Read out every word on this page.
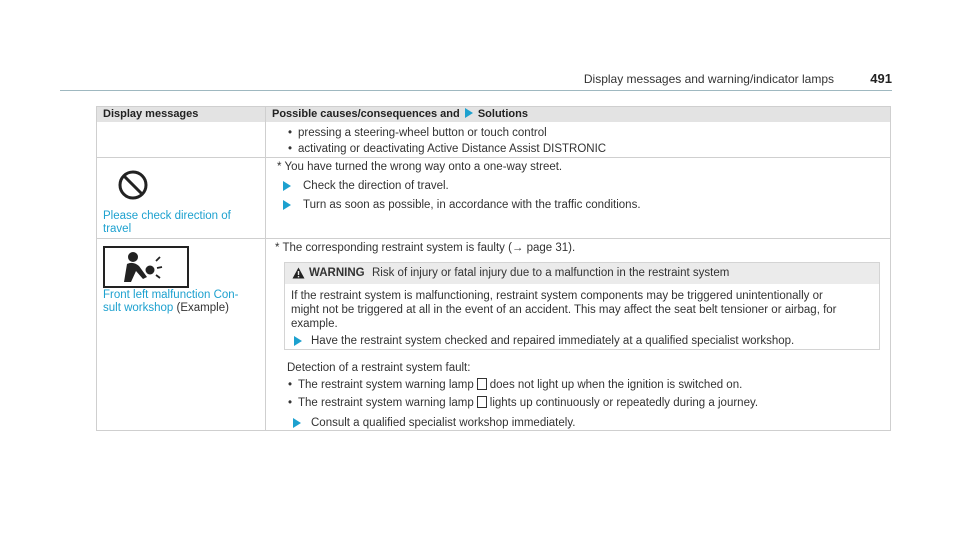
Display messages and warning/indicator lamps	491
Display messages	Possible causes/consequences and Solutions
• pressing a steering-wheel button or touch control
• activating or deactivating Active Distance Assist DISTRONIC
Please check direction of
travel
* You have turned the wrong way onto a one-way street.
Check the direction of travel.
Turn as soon as possible, in accordance with the traffic conditions.
Front left malfunction Con-
sult workshop (Example)
* The corresponding restraint system is faulty (→ page 31).
WARNING Risk of injury or fatal injury due to a malfunction in the restraint system
If the restraint system is malfunctioning, restraint system components may be triggered unintentionally or
might not be triggered at all in the event of an accident. This may affect the seat belt tensioner or airbag, for
example.
Have the restraint system checked and repaired immediately at a qualified specialist workshop.
Detection of a restraint system fault:
• The restraint system warning lamp does not light up when the ignition is switched on.
• The restraint system warning lamp lights up continuously or repeatedly during a journey.
Consult a qualified specialist workshop immediately.
